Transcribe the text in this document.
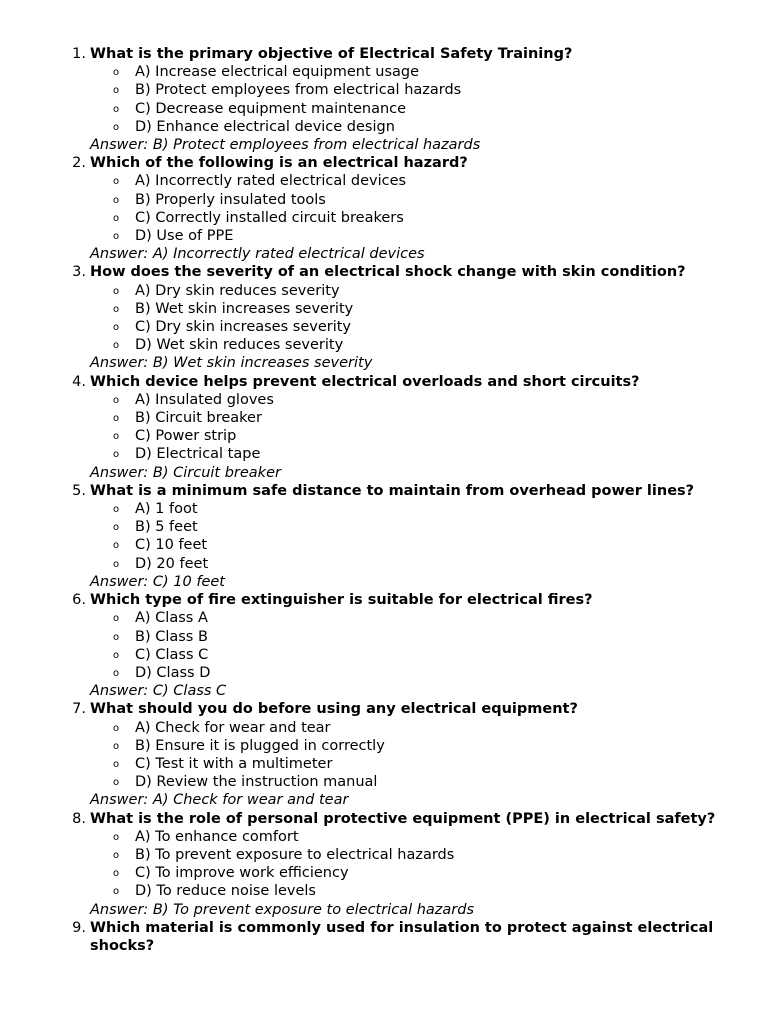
1. What is the primary objective of Electrical Safety Training?
o A) Increase electrical equipment usage
o B) Protect employees from electrical hazards
o C) Decrease equipment maintenance
o D) Enhance electrical device design
Answer: B) Protect employees from electrical hazards
2. Which of the following is an electrical hazard?
o A) Incorrectly rated electrical devices
o B) Properly insulated tools
o C) Correctly installed circuit breakers
o D) Use of PPE
Answer: A) Incorrectly rated electrical devices
3. How does the severity of an electrical shock change with skin condition?
o A) Dry skin reduces severity
o B) Wet skin increases severity
o C) Dry skin increases severity
o D) Wet skin reduces severity
Answer: B) Wet skin increases severity
4. Which device helps prevent electrical overloads and short circuits?
o A) Insulated gloves
o B) Circuit breaker
o C) Power strip
o D) Electrical tape
Answer: B) Circuit breaker
5. What is a minimum safe distance to maintain from overhead power lines?
o A) 1 foot
o B) 5 feet
o C) 10 feet
o D) 20 feet
Answer: C) 10 feet
6. Which type of fire extinguisher is suitable for electrical fires?
o A) Class A
o B) Class B
o C) Class C
o D) Class D
Answer: C) Class C
7. What should you do before using any electrical equipment?
o A) Check for wear and tear
o B) Ensure it is plugged in correctly
o C) Test it with a multimeter
o D) Review the instruction manual
Answer: A) Check for wear and tear
8. What is the role of personal protective equipment (PPE) in electrical safety?
o A) To enhance comfort
o B) To prevent exposure to electrical hazards
o C) To improve work efficiency
o D) To reduce noise levels
Answer: B) To prevent exposure to electrical hazards
9. Which material is commonly used for insulation to protect against electrical shocks?
